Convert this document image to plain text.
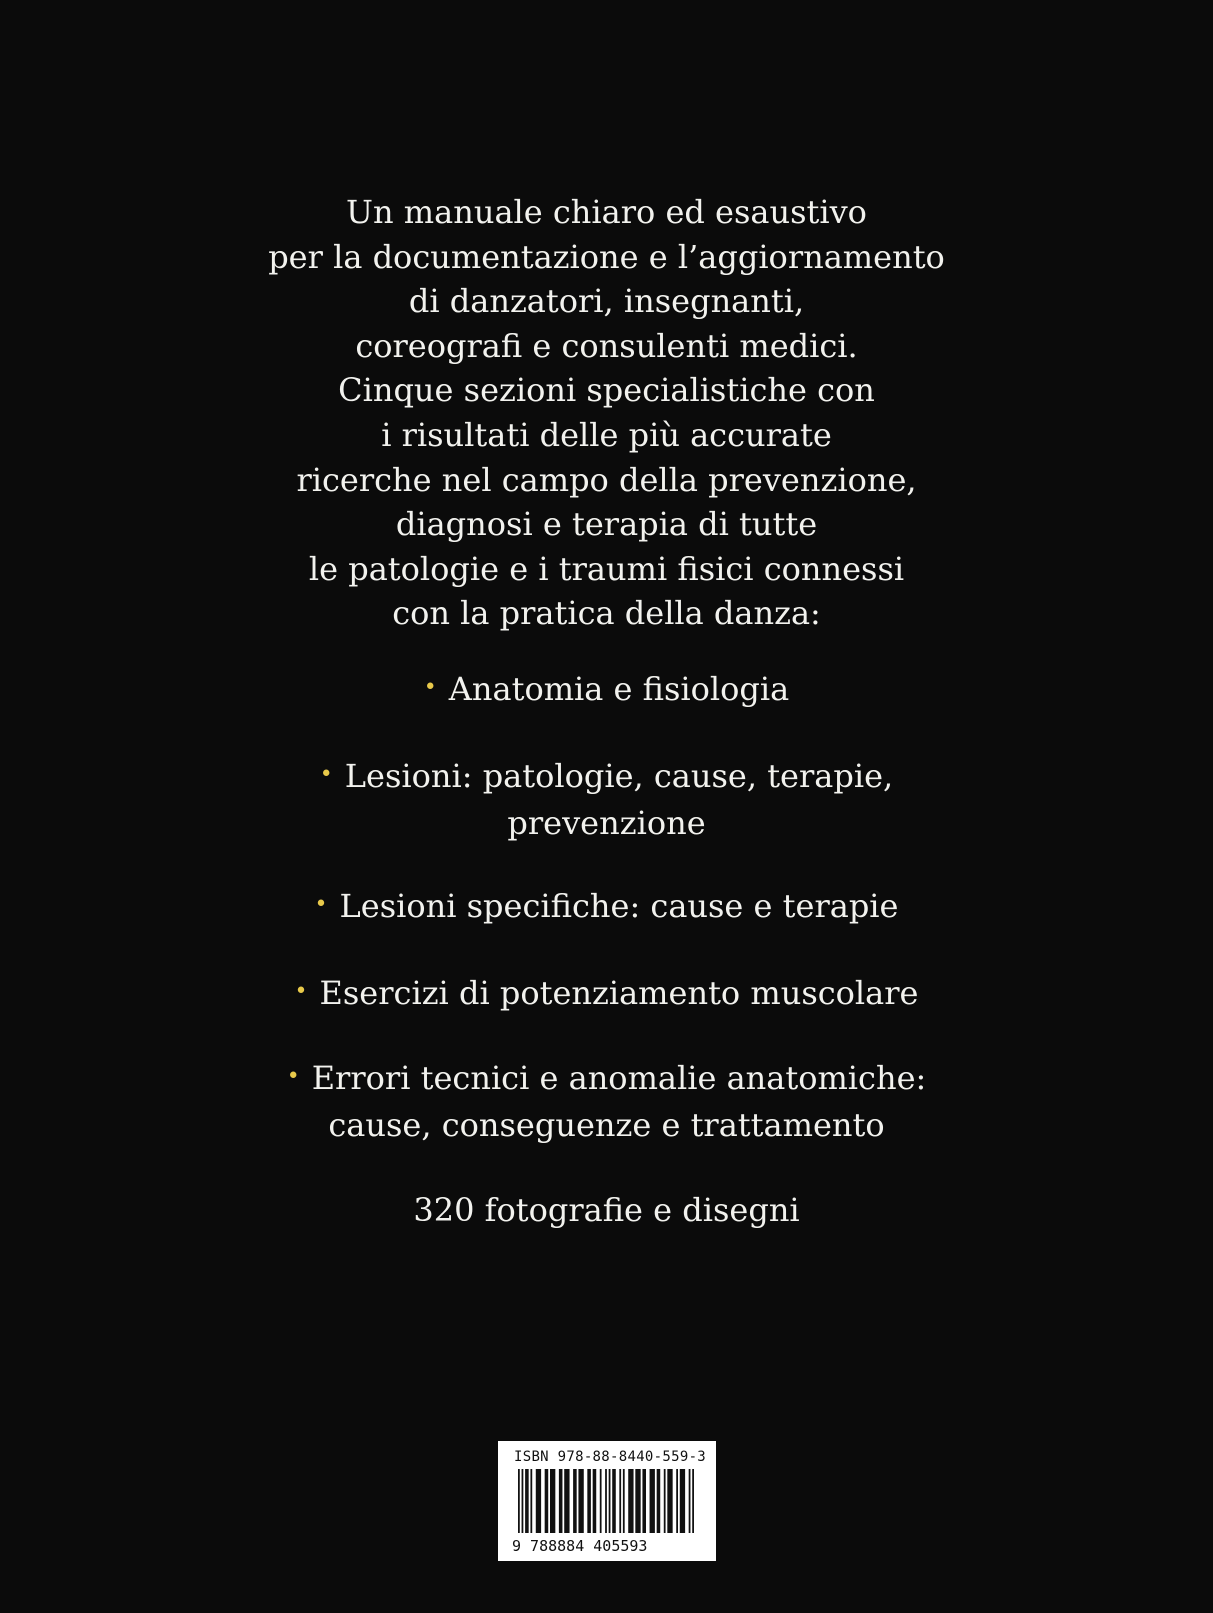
Un manuale chiaro ed esaustivo
per la documentazione e l’aggiornamento
di danzatori, insegnanti,
coreografi e consulenti medici.
Cinque sezioni specialistiche con
i risultati delle più accurate
ricerche nel campo della prevenzione,
diagnosi e terapia di tutte
le patologie e i traumi fisici connessi
con la pratica della danza:
• Anatomia e fisiologia
• Lesioni: patologie, cause, terapie,
prevenzione
• Lesioni specifiche: cause e terapie
• Esercizi di potenziamento muscolare
• Errori tecnici e anomalie anatomiche:
cause, conseguenze e trattamento
320 fotografie e disegni
ISBN 978-88-8440-559-3
9 788884 405593
